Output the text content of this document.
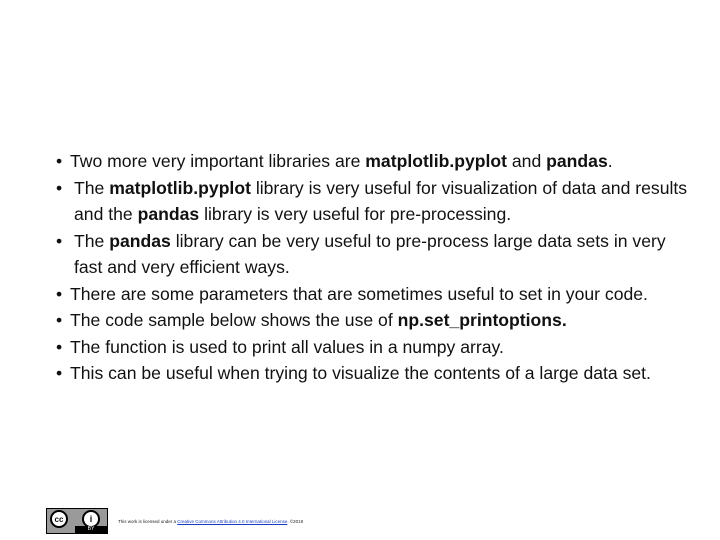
• Two more very important libraries are matplotlib.pyplot and pandas.
• The matplotlib.pyplot library is very useful for visualization of data and results and the pandas library is very useful for pre-processing.
• The pandas library can be very useful to pre-process large data sets in very fast and very efficient ways.
• There are some parameters that are sometimes useful to set in your code.
• The code sample below shows the use of np.set_printoptions.
• The function is used to print all values in a numpy array.
• This can be useful when trying to visualize the contents of a large data set.
cc	i
BY
This work is licensed under a Creative Commons Attribution 4.0 International License. ©2019
